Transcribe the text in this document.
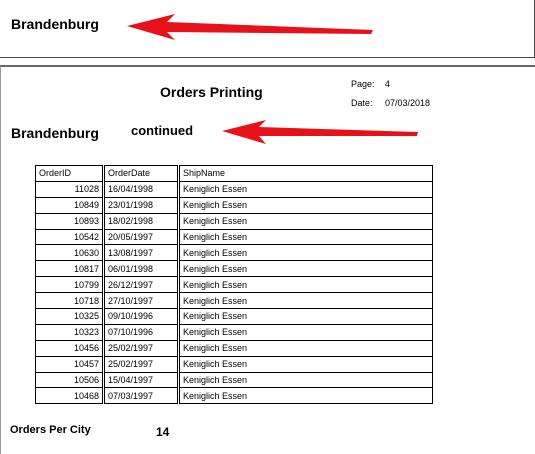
Brandenburg
Orders Printing	Page: 4
Date: 07/03/2018
Brandenburg continued
OrderID	OrderDate	ShipName
11028	16/04/1998	Keniglich Essen
10849	23/01/1998	Keniglich Essen
10893	18/02/1998	Keniglich Essen
10542	20/05/1997	Keniglich Essen
10630	13/08/1997	Keniglich Essen
10817	06/01/1998	Keniglich Essen
10799	26/12/1997	Keniglich Essen
10718	27/10/1997	Keniglich Essen
10325	09/10/1996	Keniglich Essen
10323	07/10/1996	Keniglich Essen
10456	25/02/1997	Keniglich Essen
10457	25/02/1997	Keniglich Essen
10506	15/04/1997	Keniglich Essen
10468	07/03/1997	Keniglich Essen
Orders Per City	14
